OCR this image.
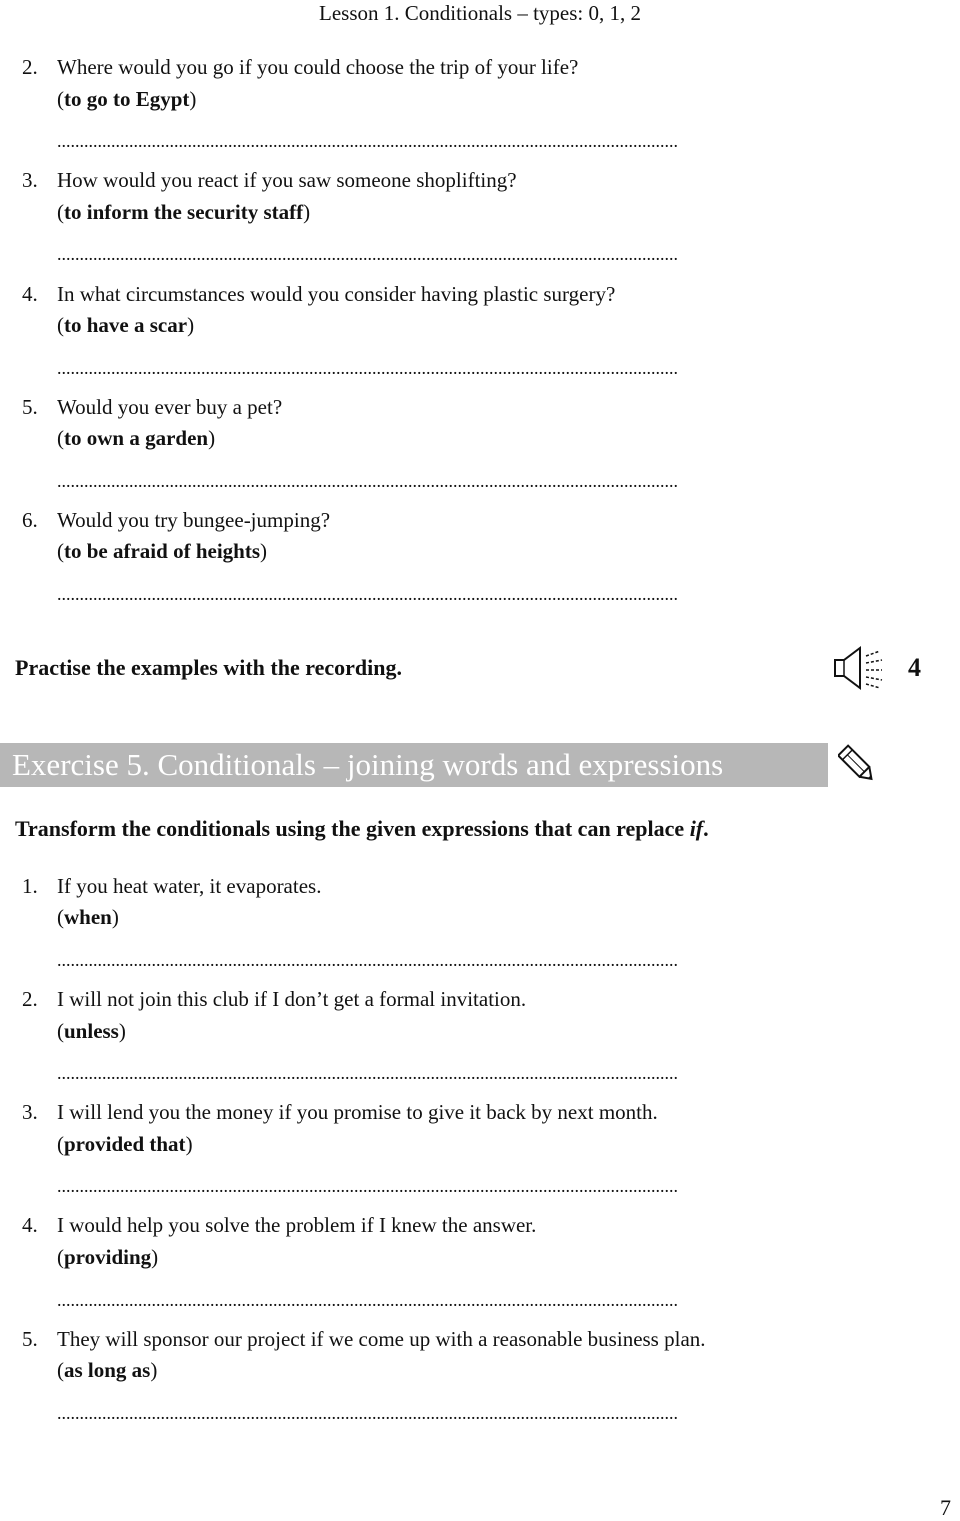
Lesson 1. Conditionals – types: 0, 1, 2
2. Where would you go if you could choose the trip of your life?
(to go to Egypt)
..........................................................................................................................................
3. How would you react if you saw someone shoplifting?
(to inform the security staff)
..........................................................................................................................................
4. In what circumstances would you consider having plastic surgery?
(to have a scar)
..........................................................................................................................................
5. Would you ever buy a pet?
(to own a garden)
..........................................................................................................................................
6. Would you try bungee-jumping?
(to be afraid of heights)
..........................................................................................................................................
Practise the examples with the recording.	4
Exercise 5. Conditionals – joining words and expressions
Transform the conditionals using the given expressions that can replace if.
1. If you heat water, it evaporates.
(when)
..........................................................................................................................................
2. I will not join this club if I don’t get a formal invitation.
(unless)
..........................................................................................................................................
3. I will lend you the money if you promise to give it back by next month.
(provided that)
..........................................................................................................................................
4. I would help you solve the problem if I knew the answer.
(providing)
..........................................................................................................................................
5. They will sponsor our project if we come up with a reasonable business plan.
(as long as)
..........................................................................................................................................
7
